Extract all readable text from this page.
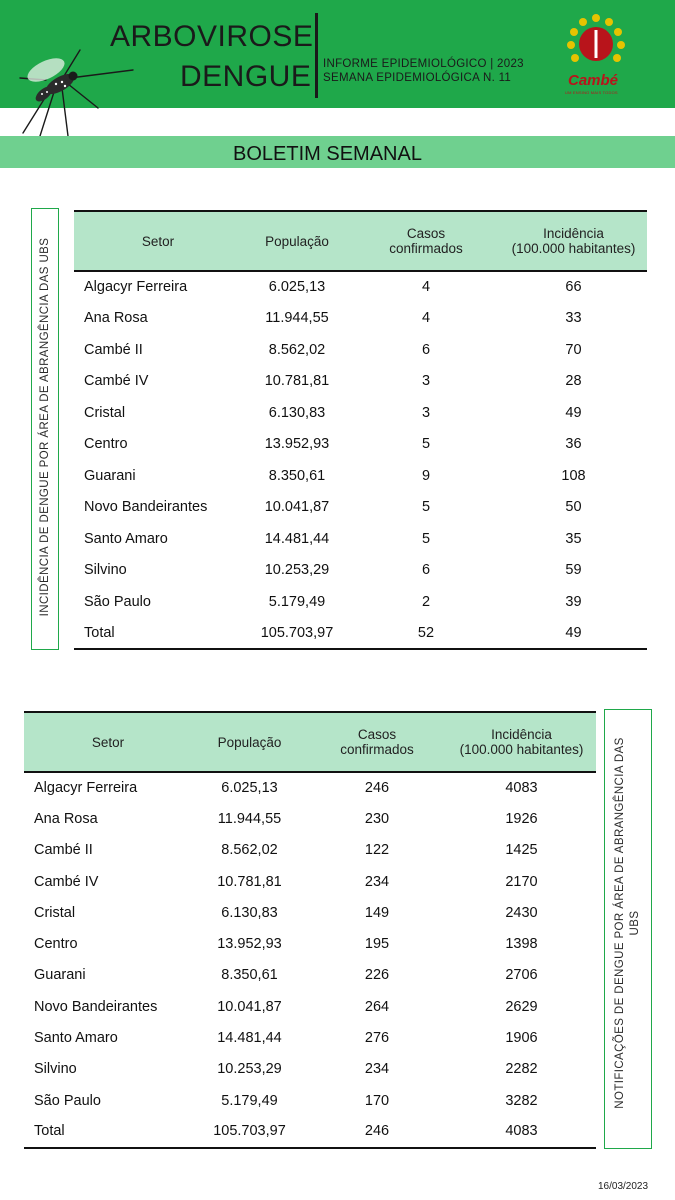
ARBOVIROSE
DENGUE INFORME EPIDEMIOLÓGICO | 2023
SEMANA EPIDEMIOLÓGICA N. 11	Cambé
UM ENSINO MAIS TODOS
BOLETIM SEMANAL
INCIDÊNCIA DE DENGUE POR ÁREA DE ABRANGÊNCIA DAS UBS	Setor	População	Casos
confirmados	Incidência
(100.000 habitantes)
Algacyr Ferreira	6.025,13	4	66
Ana Rosa	11.944,55	4	33
Cambé II	8.562,02	6	70
Cambé IV	10.781,81	3	28
Cristal	6.130,83	3	49
Centro	13.952,93	5	36
Guarani	8.350,61	9	108
Novo Bandeirantes	10.041,87	5	50
Santo Amaro	14.481,44	5	35
Silvino	10.253,29	6	59
São Paulo	5.179,49	2	39
Total	105.703,97	52	49
Setor	População	Casos
confirmados	Incidência
(100.000 habitantes)
Algacyr Ferreira	6.025,13	246	4083
Ana Rosa	11.944,55	230	1926
Cambé II	8.562,02	122	1425
Cambé IV	10.781,81	234	2170
Cristal	6.130,83	149	2430
Centro	13.952,93	195	1398
Guarani	8.350,61	226	2706
Novo Bandeirantes	10.041,87	264	2629
Santo Amaro	14.481,44	276	1906
Silvino	10.253,29	234	2282
São Paulo	5.179,49	170	3282
Total	105.703,97	246	4083
NOTIFICAÇÕES DE DENGUE POR ÁREA DE ABRANGÊNCIA DAS UBS
16/03/2023
